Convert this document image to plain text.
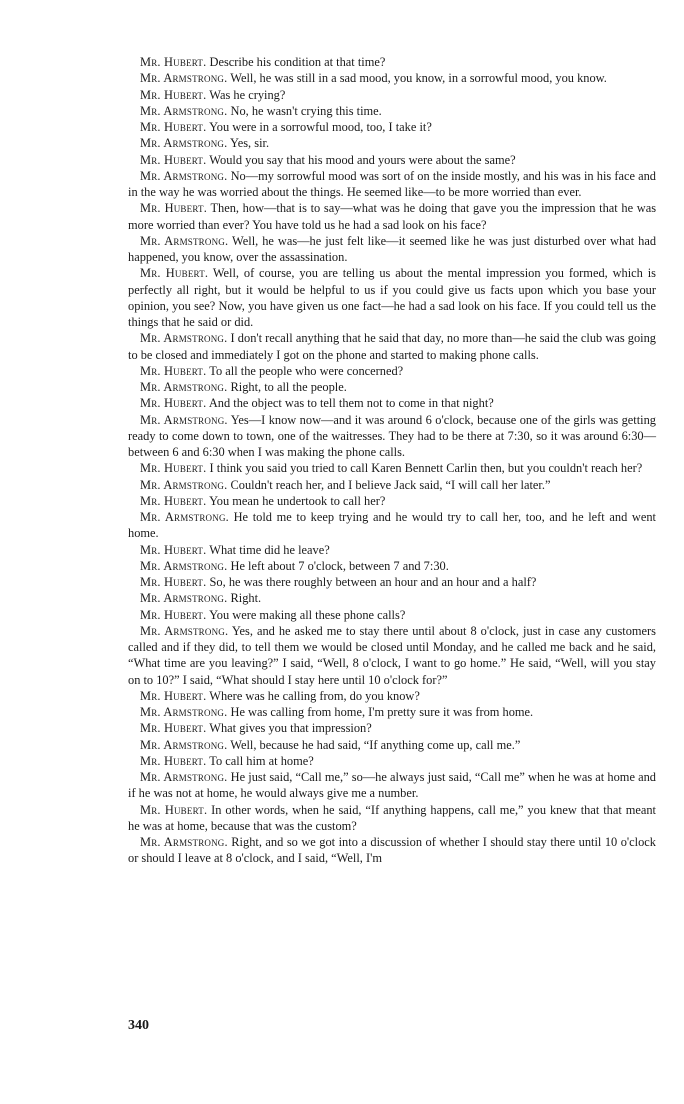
Mr. Hubert. Describe his condition at that time?

Mr. Armstrong. Well, he was still in a sad mood, you know, in a sorrowful mood, you know.

Mr. Hubert. Was he crying?

Mr. Armstrong. No, he wasn't crying this time.

Mr. Hubert. You were in a sorrowful mood, too, I take it?

Mr. Armstrong. Yes, sir.

Mr. Hubert. Would you say that his mood and yours were about the same?

Mr. Armstrong. No—my sorrowful mood was sort of on the inside mostly, and his was in his face and in the way he was worried about the things. He seemed like—to be more worried than ever.

Mr. Hubert. Then, how—that is to say—what was he doing that gave you the impression that he was more worried than ever? You have told us he had a sad look on his face?

Mr. Armstrong. Well, he was—he just felt like—it seemed like he was just disturbed over what had happened, you know, over the assassination.

Mr. Hubert. Well, of course, you are telling us about the mental impression you formed, which is perfectly all right, but it would be helpful to us if you could give us facts upon which you base your opinion, you see? Now, you have given us one fact—he had a sad look on his face. If you could tell us the things that he said or did.

Mr. Armstrong. I don't recall anything that he said that day, no more than—he said the club was going to be closed and immediately I got on the phone and started to making phone calls.

Mr. Hubert. To all the people who were concerned?

Mr. Armstrong. Right, to all the people.

Mr. Hubert. And the object was to tell them not to come in that night?

Mr. Armstrong. Yes—I know now—and it was around 6 o'clock, because one of the girls was getting ready to come down to town, one of the waitresses. They had to be there at 7:30, so it was around 6:30—between 6 and 6:30 when I was making the phone calls.

Mr. Hubert. I think you said you tried to call Karen Bennett Carlin then, but you couldn't reach her?

Mr. Armstrong. Couldn't reach her, and I believe Jack said, “I will call her later.”

Mr. Hubert. You mean he undertook to call her?

Mr. Armstrong. He told me to keep trying and he would try to call her, too, and he left and went home.

Mr. Hubert. What time did he leave?

Mr. Armstrong. He left about 7 o'clock, between 7 and 7:30.

Mr. Hubert. So, he was there roughly between an hour and an hour and a half?

Mr. Armstrong. Right.

Mr. Hubert. You were making all these phone calls?

Mr. Armstrong. Yes, and he asked me to stay there until about 8 o'clock, just in case any customers called and if they did, to tell them we would be closed until Monday, and he called me back and he said, “What time are you leaving?” I said, “Well, 8 o'clock, I want to go home.” He said, “Well, will you stay on to 10?” I said, “What should I stay here until 10 o'clock for?”

Mr. Hubert. Where was he calling from, do you know?

Mr. Armstrong. He was calling from home, I'm pretty sure it was from home.

Mr. Hubert. What gives you that impression?

Mr. Armstrong. Well, because he had said, “If anything come up, call me.”

Mr. Hubert. To call him at home?

Mr. Armstrong. He just said, “Call me,” so—he always just said, “Call me” when he was at home and if he was not at home, he would always give me a number.

Mr. Hubert. In other words, when he said, “If anything happens, call me,” you knew that that meant he was at home, because that was the custom?

Mr. Armstrong. Right, and so we got into a discussion of whether I should stay there until 10 o'clock or should I leave at 8 o'clock, and I said, “Well, I'm

340
